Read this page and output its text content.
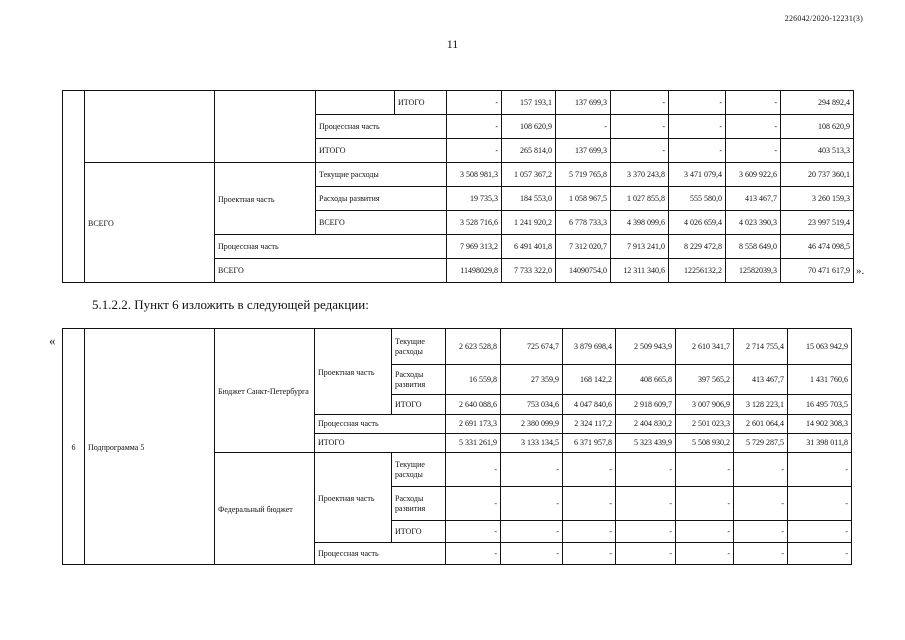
226042/2020-12231(3)
11
				ИТОГО	-	157 193,1	137 699,3	-	-	-	294 892,4
			Процессная часть		-	108 620,9	-	-	-	-	108 620,9
			ИТОГО		-	265 814,0	137 699,3	-	-	-	403 513,3
	ВСЕГО	Проектная часть	Текущие расходы		3 508 981,3	1 057 367,2	5 719 765,8	3 370 243,8	3 471 079,4	3 609 922,6	20 737 360,1
			Расходы развития		19 735,3	184 553,0	1 058 967,5	1 027 855,8	555 580,0	413 467,7	3 260 159,3
			ВСЕГО		3 528 716,6	1 241 920,2	6 778 733,3	4 398 099,6	4 026 659,4	4 023 390,3	23 997 519,4
		Процессная часть			7 969 313,2	6 491 401,8	7 312 020,7	7 913 241,0	8 229 472,8	8 558 649,0	46 474 098,5
		ВСЕГО			11498029,8	7 733 322,0	14090754,0	12 311 340,6	12256132,2	12582039,3	70 471 617,9 ».
5.1.2.2. Пункт 6 изложить в следующей редакции:
«
6	Подпрограмма 5	Бюджет Санкт-Петербурга	Проектная часть	Текущие расходы	2 623 528,8	725 674,7	3 879 698,4	2 509 943,9	2 610 341,7	2 714 755,4	15 063 942,9
				Расходы развития	16 559,8	27 359,9	168 142,2	408 665,8	397 565,2	413 467,7	1 431 760,6
				ИТОГО	2 640 088,6	753 034,6	4 047 840,6	2 918 609,7	3 007 906,9	3 128 223,1	16 495 703,5
			Процессная часть		2 691 173,3	2 380 099,9	2 324 117,2	2 404 830,2	2 501 023,3	2 601 064,4	14 902 308,3
			ИТОГО		5 331 261,9	3 133 134,5	6 371 957,8	5 323 439,9	5 508 930,2	5 729 287,5	31 398 011,8
		Федеральный бюджет	Проектная часть	Текущие расходы	-	-	-	-	-	-	-
				Расходы развития	-	-	-	-	-	-	-
				ИТОГО	-	-	-	-	-	-	-
			Процессная часть		-	-	-	-	-	-	-
